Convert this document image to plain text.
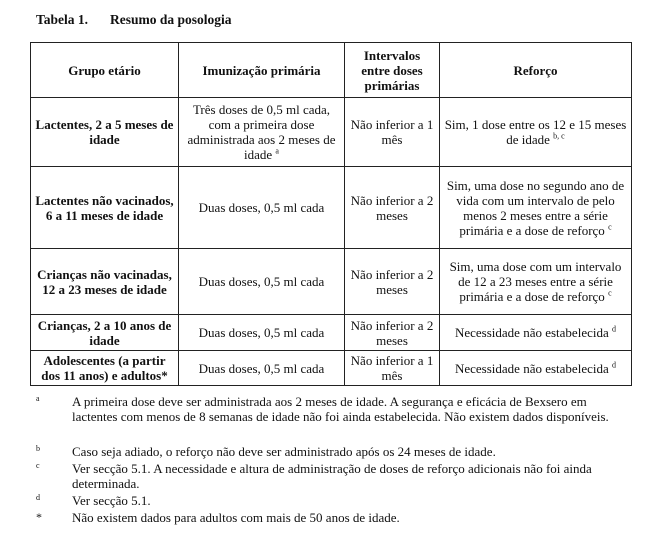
Tabela 1. Resumo da posologia
Grupo etário	Imunização primária	Intervalos entre doses primárias	Reforço
Lactentes, 2 a 5 meses de idade	Três doses de 0,5 ml cada, com a primeira dose administrada aos 2 meses de idade $^a$	Não inferior a 1 mês	Sim, 1 dose entre os 12 e 15 meses de idade $^{b, c}$
Lactentes não vacinados, 6 a 11 meses de idade	Duas doses, 0,5 ml cada	Não inferior a 2 meses	Sim, uma dose no segundo ano de vida com um intervalo de pelo menos 2 meses entre a série primária e a dose de reforço $^c$
Crianças não vacinadas, 12 a 23 meses de idade	Duas doses, 0,5 ml cada	Não inferior a 2 meses	Sim, uma dose com um intervalo de 12 a 23 meses entre a série primária e a dose de reforço $^c$
Crianças, 2 a 10 anos de idade	Duas doses, 0,5 ml cada	Não inferior a 2 meses	Necessidade não estabelecida $^d$
Adolescentes (a partir dos 11 anos) e adultos*	Duas doses, 0,5 ml cada	Não inferior a 1 mês	Necessidade não estabelecida $^d$
a A primeira dose deve ser administrada aos 2 meses de idade. A segurança e eficácia de Bexsero em lactentes com menos de 8 semanas de idade não foi ainda estabelecida. Não existem dados disponíveis.
b Caso seja adiado, o reforço não deve ser administrado após os 24 meses de idade.
c Ver secção 5.1. A necessidade e altura de administração de doses de reforço adicionais não foi ainda determinada.
d Ver secção 5.1.
* Não existem dados para adultos com mais de 50 anos de idade.
